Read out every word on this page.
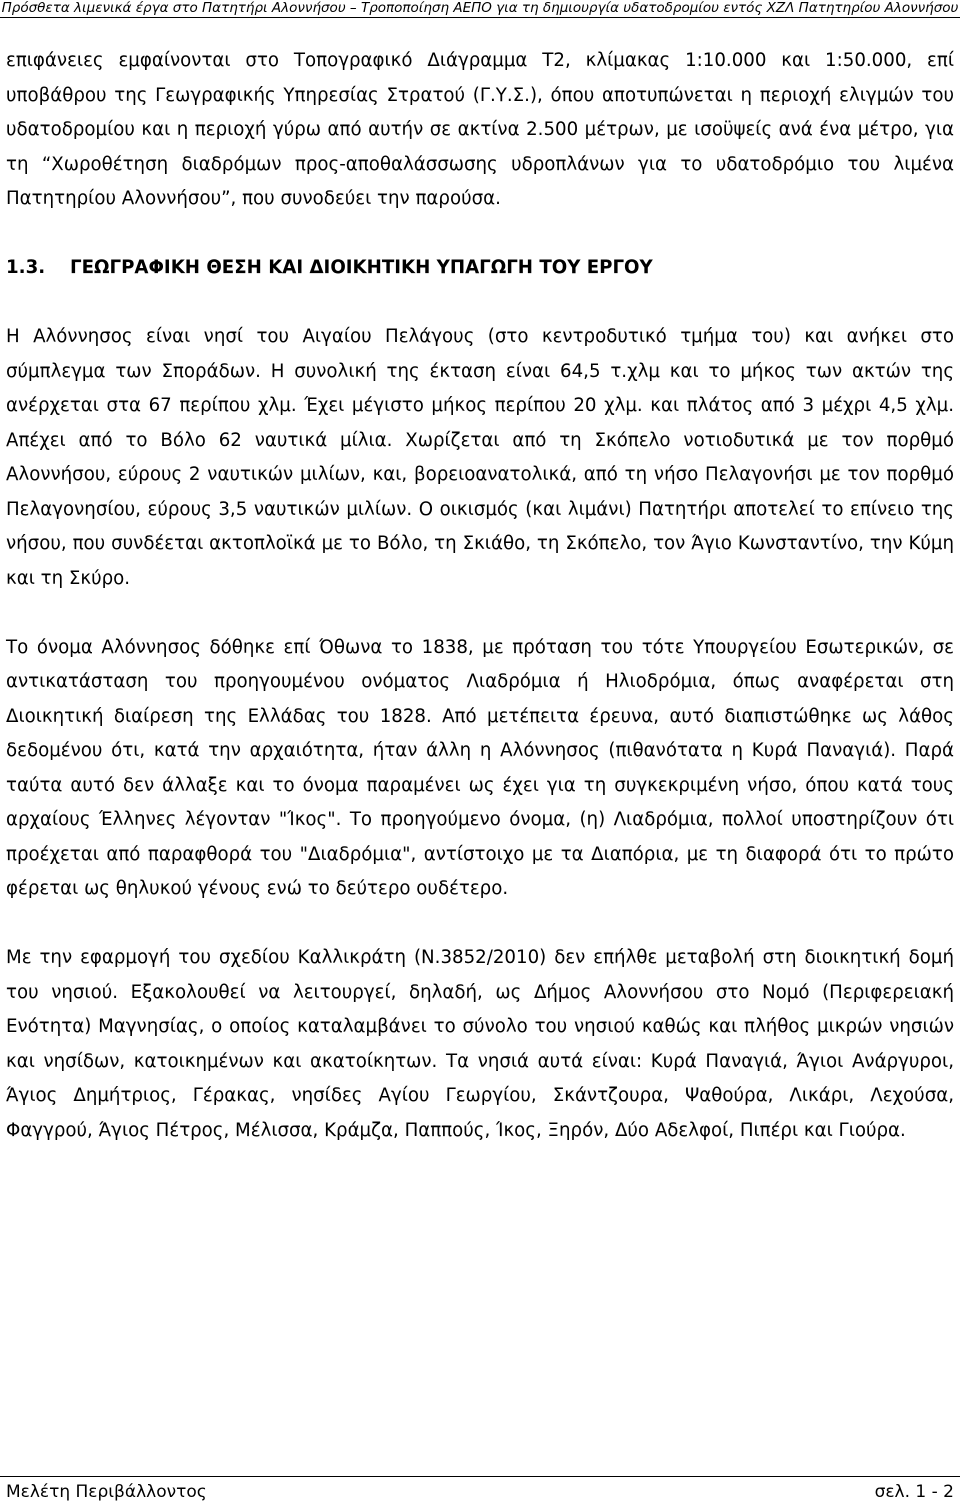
Πρόσθετα λιμενικά έργα στο Πατητήρι Αλοννήσου – Τροποποίηση ΑΕΠΟ για τη δημιουργία υδατοδρομίου εντός ΧΖΛ Πατητηρίου Αλοννήσου

επιφάνειες εμφαίνονται στο Τοπογραφικό Διάγραμμα Τ2, κλίμακας 1:10.000 και 1:50.000, επί υποβάθρου της Γεωγραφικής Υπηρεσίας Στρατού (Γ.Υ.Σ.), όπου αποτυπώνεται η περιοχή ελιγμών του υδατοδρομίου και η περιοχή γύρω από αυτήν σε ακτίνα 2.500 μέτρων, με ισοϋψείς ανά ένα μέτρο, για τη “Χωροθέτηση διαδρόμων προς-αποθαλάσσωσης υδροπλάνων για το υδατοδρόμιο του λιμένα Πατητηρίου Αλοννήσου”, που συνοδεύει την παρούσα.

1.3. ΓΕΩΓΡΑΦΙΚΗ ΘΕΣΗ ΚΑΙ ΔΙΟΙΚΗΤΙΚΗ ΥΠΑΓΩΓΗ ΤΟΥ ΕΡΓΟΥ

Η Αλόννησος είναι νησί του Αιγαίου Πελάγους (στο κεντροδυτικό τμήμα του) και ανήκει στο σύμπλεγμα των Σποράδων. Η συνολική της έκταση είναι 64,5 τ.χλμ και το μήκος των ακτών της ανέρχεται στα 67 περίπου χλμ. Έχει μέγιστο μήκος περίπου 20 χλμ. και πλάτος από 3 μέχρι 4,5 χλμ. Απέχει από το Βόλο 62 ναυτικά μίλια. Χωρίζεται από τη Σκόπελο νοτιοδυτικά με τον πορθμό Αλοννήσου, εύρους 2 ναυτικών μιλίων, και, βορειοανατολικά, από τη νήσο Πελαγονήσι με τον πορθμό Πελαγονησίου, εύρους 3,5 ναυτικών μιλίων. Ο οικισμός (και λιμάνι) Πατητήρι αποτελεί το επίνειο της νήσου, που συνδέεται ακτοπλοϊκά με το Βόλο, τη Σκιάθο, τη Σκόπελο, τον Άγιο Κωνσταντίνο, την Κύμη και τη Σκύρο.

Το όνομα Αλόννησος δόθηκε επί Όθωνα το 1838, με πρόταση του τότε Υπουργείου Εσωτερικών, σε αντικατάσταση του προηγουμένου ονόματος Λιαδρόμια ή Ηλιοδρόμια, όπως αναφέρεται στη Διοικητική διαίρεση της Ελλάδας του 1828. Από μετέπειτα έρευνα, αυτό διαπιστώθηκε ως λάθος δεδομένου ότι, κατά την αρχαιότητα, ήταν άλλη η Αλόννησος (πιθανότατα η Κυρά Παναγιά). Παρά ταύτα αυτό δεν άλλαξε και το όνομα παραμένει ως έχει για τη συγκεκριμένη νήσο, όπου κατά τους αρχαίους Έλληνες λέγονταν "Ίκος". Το προηγούμενο όνομα, (η) Λιαδρόμια, πολλοί υποστηρίζουν ότι προέχεται από παραφθορά του "Διαδρόμια", αντίστοιχο με τα Διαπόρια, με τη διαφορά ότι το πρώτο φέρεται ως θηλυκού γένους ενώ το δεύτερο ουδέτερο.

Με την εφαρμογή του σχεδίου Καλλικράτη (Ν.3852/2010) δεν επήλθε μεταβολή στη διοικητική δομή του νησιού. Εξακολουθεί να λειτουργεί, δηλαδή, ως Δήμος Αλοννήσου στο Νομό (Περιφερειακή Ενότητα) Μαγνησίας, ο οποίος καταλαμβάνει το σύνολο του νησιού καθώς και πλήθος μικρών νησιών και νησίδων, κατοικημένων και ακατοίκητων. Τα νησιά αυτά είναι: Κυρά Παναγιά, Άγιοι Ανάργυροι, Άγιος Δημήτριος, Γέρακας, νησίδες Αγίου Γεωργίου, Σκάντζουρα, Ψαθούρα, Λικάρι, Λεχούσα, Φαγγρού, Άγιος Πέτρος, Μέλισσα, Κράμζα, Παππούς, Ίκος, Ξηρόν, Δύο Αδελφοί, Πιπέρι και Γιούρα.

Μελέτη Περιβάλλοντος	σελ. 1 - 2
